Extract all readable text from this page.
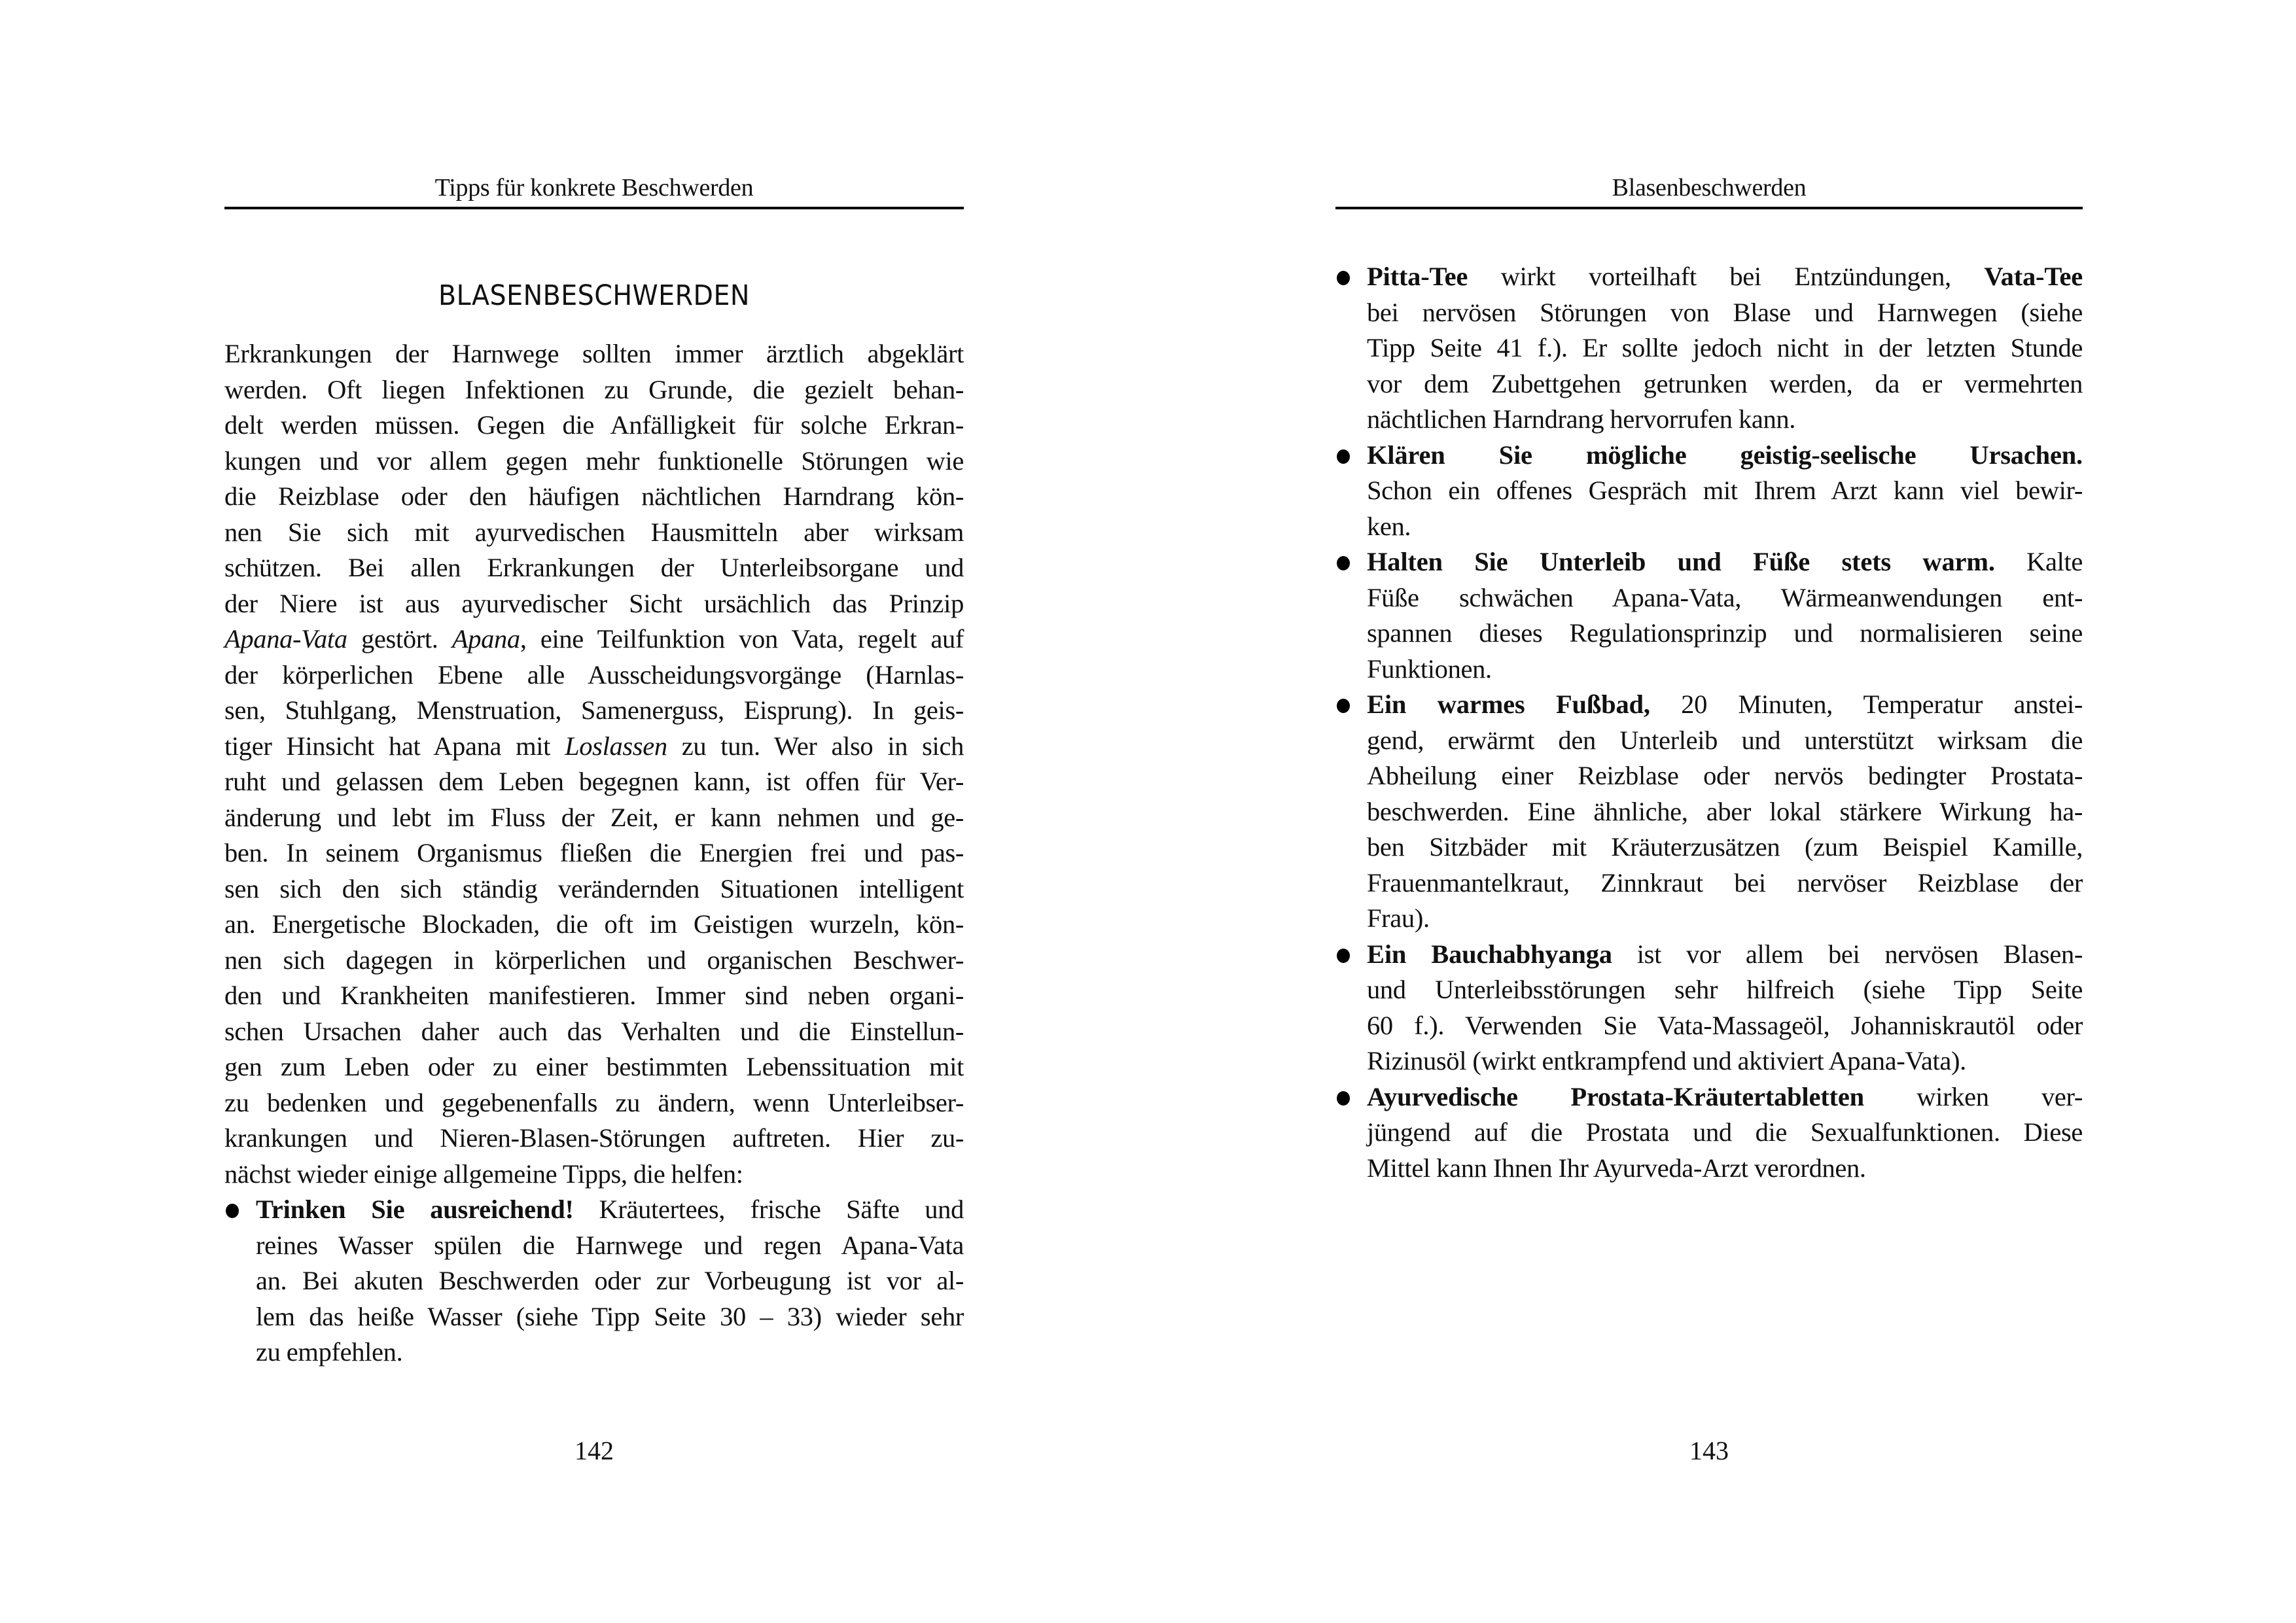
Tipps für konkrete Beschwerden
BLASENBESCHWERDEN
Erkrankungen der Harnwege sollten immer ärztlich abgeklärt
werden. Oft liegen Infektionen zu Grunde, die gezielt behan-
delt werden müssen. Gegen die Anfälligkeit für solche Erkran-
kungen und vor allem gegen mehr funktionelle Störungen wie
die Reizblase oder den häufigen nächtlichen Harndrang kön-
nen Sie sich mit ayurvedischen Hausmitteln aber wirksam
schützen. Bei allen Erkrankungen der Unterleibsorgane und
der Niere ist aus ayurvedischer Sicht ursächlich das Prinzip
Apana-Vata gestört. Apana, eine Teilfunktion von Vata, regelt auf
der körperlichen Ebene alle Ausscheidungsvorgänge (Harnlas-
sen, Stuhlgang, Menstruation, Samenerguss, Eisprung). In geis-
tiger Hinsicht hat Apana mit Loslassen zu tun. Wer also in sich
ruht und gelassen dem Leben begegnen kann, ist offen für Ver-
änderung und lebt im Fluss der Zeit, er kann nehmen und ge-
ben. In seinem Organismus fließen die Energien frei und pas-
sen sich den sich ständig verändernden Situationen intelligent
an. Energetische Blockaden, die oft im Geistigen wurzeln, kön-
nen sich dagegen in körperlichen und organischen Beschwer-
den und Krankheiten manifestieren. Immer sind neben organi-
schen Ursachen daher auch das Verhalten und die Einstellun-
gen zum Leben oder zu einer bestimmten Lebenssituation mit
zu bedenken und gegebenenfalls zu ändern, wenn Unterleibser-
krankungen und Nieren-Blasen-Störungen auftreten. Hier zu-
nächst wieder einige allgemeine Tipps, die helfen:
Trinken Sie ausreichend! Kräutertees, frische Säfte und
reines Wasser spülen die Harnwege und regen Apana-Vata
an. Bei akuten Beschwerden oder zur Vorbeugung ist vor al-
lem das heiße Wasser (siehe Tipp Seite 30 – 33) wieder sehr
zu empfehlen.
142
Blasenbeschwerden
Pitta-Tee wirkt vorteilhaft bei Entzündungen, Vata-Tee
bei nervösen Störungen von Blase und Harnwegen (siehe
Tipp Seite 41 f.). Er sollte jedoch nicht in der letzten Stunde
vor dem Zubettgehen getrunken werden, da er vermehrten
nächtlichen Harndrang hervorrufen kann.
Klären Sie mögliche geistig-seelische Ursachen.
Schon ein offenes Gespräch mit Ihrem Arzt kann viel bewir-
ken.
Halten Sie Unterleib und Füße stets warm. Kalte
Füße schwächen Apana-Vata, Wärmeanwendungen ent-
spannen dieses Regulationsprinzip und normalisieren seine
Funktionen.
Ein warmes Fußbad, 20 Minuten, Temperatur anstei-
gend, erwärmt den Unterleib und unterstützt wirksam die
Abheilung einer Reizblase oder nervös bedingter Prostata-
beschwerden. Eine ähnliche, aber lokal stärkere Wirkung ha-
ben Sitzbäder mit Kräuterzusätzen (zum Beispiel Kamille,
Frauenmantelkraut, Zinnkraut bei nervöser Reizblase der
Frau).
Ein Bauchabhyanga ist vor allem bei nervösen Blasen-
und Unterleibsstörungen sehr hilfreich (siehe Tipp Seite
60 f.). Verwenden Sie Vata-Massageöl, Johanniskrautöl oder
Rizinusöl (wirkt entkrampfend und aktiviert Apana-Vata).
Ayurvedische Prostata-Kräutertabletten wirken ver-
jüngend auf die Prostata und die Sexualfunktionen. Diese
Mittel kann Ihnen Ihr Ayurveda-Arzt verordnen.
143
